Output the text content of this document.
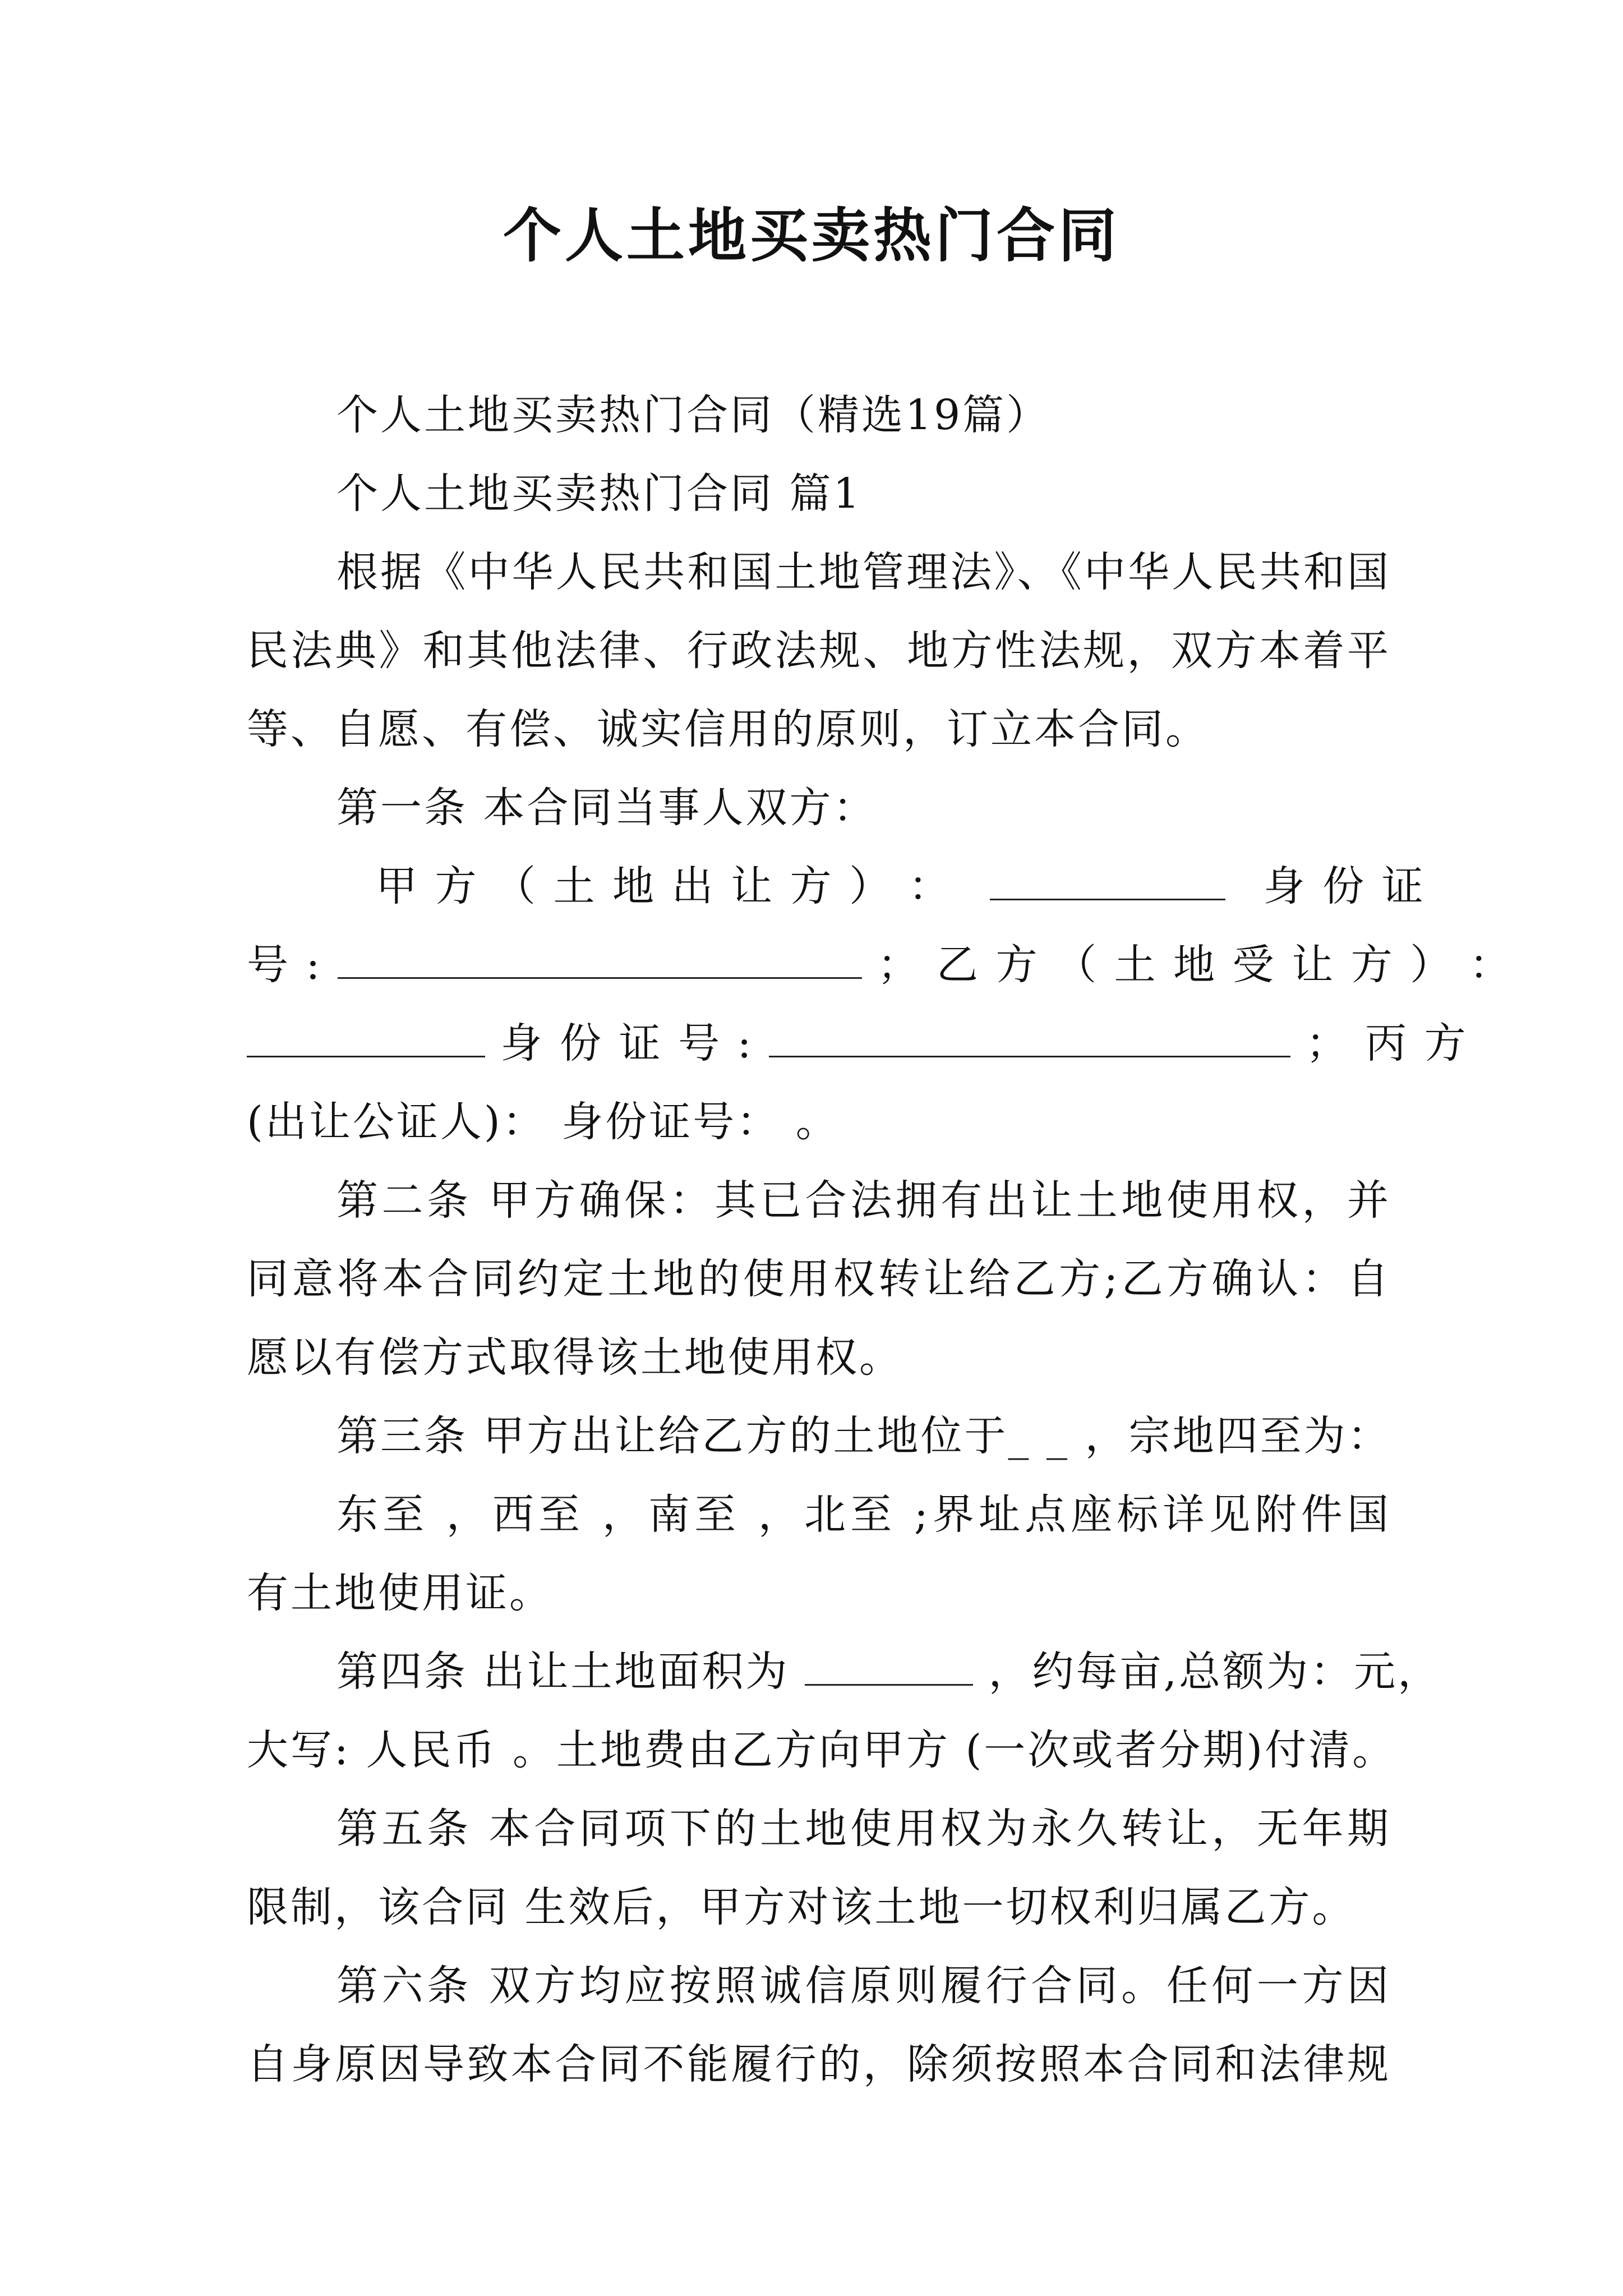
个人土地买卖热门合同
个人土地买卖热门合同（精选19篇）
个人土地买卖热门合同 篇1
根据《中华人民共和国土地管理法》、《中华人民共和国
民法典》和其他法律、行政法规、地方性法规，双方本着平
等、自愿、有偿、诚实信用的原则，订立本合同。
第一条 本合同当事人双方：
甲 方 （ 土 地 出 让 方 ） ：	身 份 证
号 :	； 乙 方 （ 土 地 受 让 方 ） ：
身 份 证 号 :	； 丙 方
(出让公证人)： 身份证号： 。
第二条 甲方确保：其已合法拥有出让土地使用权，并
同意将本合同约定土地的使用权转让给乙方;乙方确认：自
愿以有偿方式取得该土地使用权。
第三条 甲方出让给乙方的土地位于_ _ ，宗地四至为：
东至 ，西至 ，南至 ，北至 ;界址点座标详见附件国
有土地使用证。
第四条 出让土地面积为	，约每亩,总额为：元，
大写: 人民币 。土地费由乙方向甲方 (一次或者分期)付清。
第五条 本合同项下的土地使用权为永久转让，无年期
限制，该合同 生效后，甲方对该土地一切权利归属乙方。
第六条 双方均应按照诚信原则履行合同。任何一方因
自身原因导致本合同不能履行的，除须按照本合同和法律规
